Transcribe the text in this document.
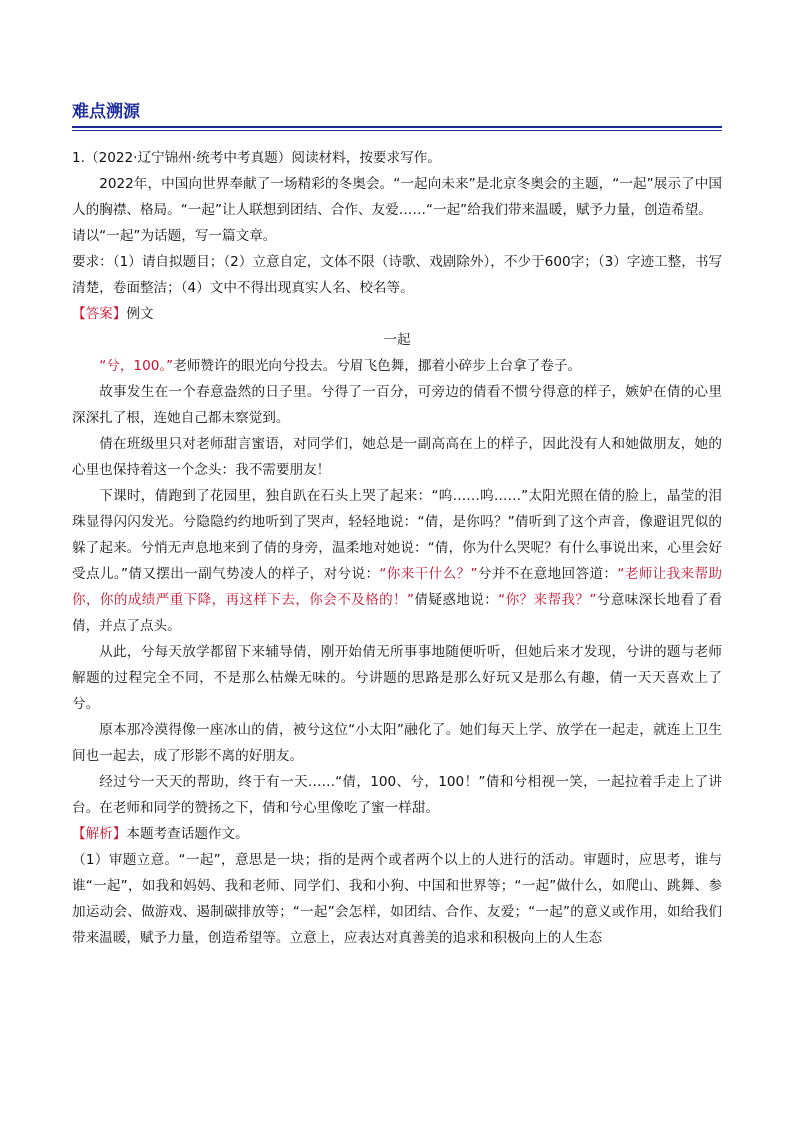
难点溯源

1.（2022·辽宁锦州·统考中考真题）阅读材料，按要求写作。

2022年，中国向世界奉献了一场精彩的冬奥会。“一起向未来”是北京冬奥会的主题，“一起”展示了中国人的胸襟、格局。“一起”让人联想到团结、合作、友爱……“一起”给我们带来温暖，赋予力量，创造希望。

请以“一起”为话题，写一篇文章。

要求：（1）请自拟题目；（2）立意自定，文体不限（诗歌、戏剧除外），不少于600字；（3）字迹工整，书写清楚，卷面整洁；（4）文中不得出现真实人名、校名等。

【答案】例文

一起

“兮，100。”老师赞许的眼光向兮投去。兮眉飞色舞，挪着小碎步上台拿了卷子。

故事发生在一个春意盎然的日子里。兮得了一百分，可旁边的倩看不惯兮得意的样子，嫉妒在倩的心里深深扎了根，连她自己都未察觉到。

倩在班级里只对老师甜言蜜语，对同学们，她总是一副高高在上的样子，因此没有人和她做朋友，她的心里也保持着这一个念头：我不需要朋友！

下课时，倩跑到了花园里，独自趴在石头上哭了起来：“呜……呜……”太阳光照在倩的脸上，晶莹的泪珠显得闪闪发光。兮隐隐约约地听到了哭声，轻轻地说：“倩，是你吗？”倩听到了这个声音，像避诅咒似的躲了起来。兮悄无声息地来到了倩的身旁，温柔地对她说：“倩，你为什么哭呢？有什么事说出来，心里会好受点儿。”倩又摆出一副气势凌人的样子，对兮说：“你来干什么？”兮并不在意地回答道：“老师让我来帮助你，你的成绩严重下降，再这样下去，你会不及格的！”倩疑惑地说：“你？来帮我？”兮意味深长地看了看倩，并点了点头。

从此，兮每天放学都留下来辅导倩，刚开始倩无所事事地随便听听，但她后来才发现，兮讲的题与老师解题的过程完全不同，不是那么枯燥无味的。兮讲题的思路是那么好玩又是那么有趣，倩一天天喜欢上了兮。

原本那冷漠得像一座冰山的倩，被兮这位“小太阳”融化了。她们每天上学、放学在一起走，就连上卫生间也一起去，成了形影不离的好朋友。

经过兮一天天的帮助，终于有一天……“倩，100、兮，100！”倩和兮相视一笑，一起拉着手走上了讲台。在老师和同学的赞扬之下，倩和兮心里像吃了蜜一样甜。

【解析】本题考查话题作文。

（1）审题立意。“一起”，意思是一块；指的是两个或者两个以上的人进行的活动。审题时，应思考，谁与谁“一起”，如我和妈妈、我和老师、同学们、我和小狗、中国和世界等；“一起”做什么，如爬山、跳舞、参加运动会、做游戏、遏制碳排放等；“一起”会怎样，如团结、合作、友爱；“一起”的意义或作用，如给我们带来温暖，赋予力量，创造希望等。立意上，应表达对真善美的追求和积极向上的人生态
